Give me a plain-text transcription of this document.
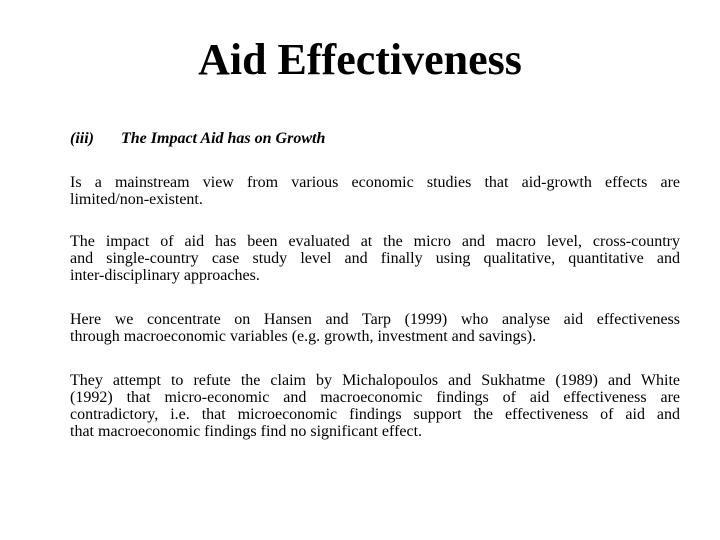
Aid Effectiveness
(iii) The Impact Aid has on Growth

Is a mainstream view from various economic studies that aid-growth effects are
limited/non-existent.

The impact of aid has been evaluated at the micro and macro level, cross-country
and single-country case study level and finally using qualitative, quantitative and
inter-disciplinary approaches.

Here we concentrate on Hansen and Tarp (1999) who analyse aid effectiveness
through macroeconomic variables (e.g. growth, investment and savings).

They attempt to refute the claim by Michalopoulos and Sukhatme (1989) and White
(1992) that micro-economic and macroeconomic findings of aid effectiveness are
contradictory, i.e. that microeconomic findings support the effectiveness of aid and
that macroeconomic findings find no significant effect.
